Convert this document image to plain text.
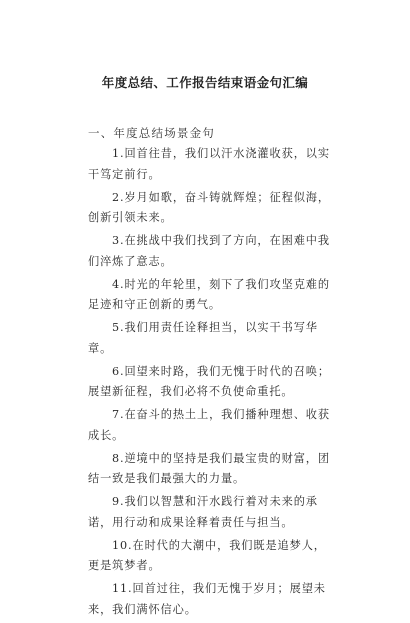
年度总结、工作报告结束语金句汇编
一、年度总结场景金句

1.回首往昔，我们以汗水浇灌收获，以实干笃定前行。

2.岁月如歌，奋斗铸就辉煌；征程似海，创新引领未来。

3.在挑战中我们找到了方向，在困难中我们淬炼了意志。

4.时光的年轮里，刻下了我们攻坚克难的足迹和守正创新的勇气。

5.我们用责任诠释担当，以实干书写华章。

6.回望来时路，我们无愧于时代的召唤；展望新征程，我们必将不负使命重托。

7.在奋斗的热土上，我们播种理想、收获成长。

8.逆境中的坚持是我们最宝贵的财富，团结一致是我们最强大的力量。

9.我们以智慧和汗水践行着对未来的承诺，用行动和成果诠释着责任与担当。

10.在时代的大潮中，我们既是追梦人，更是筑梦者。

11.回首过往，我们无愧于岁月；展望未来，我们满怀信心。
